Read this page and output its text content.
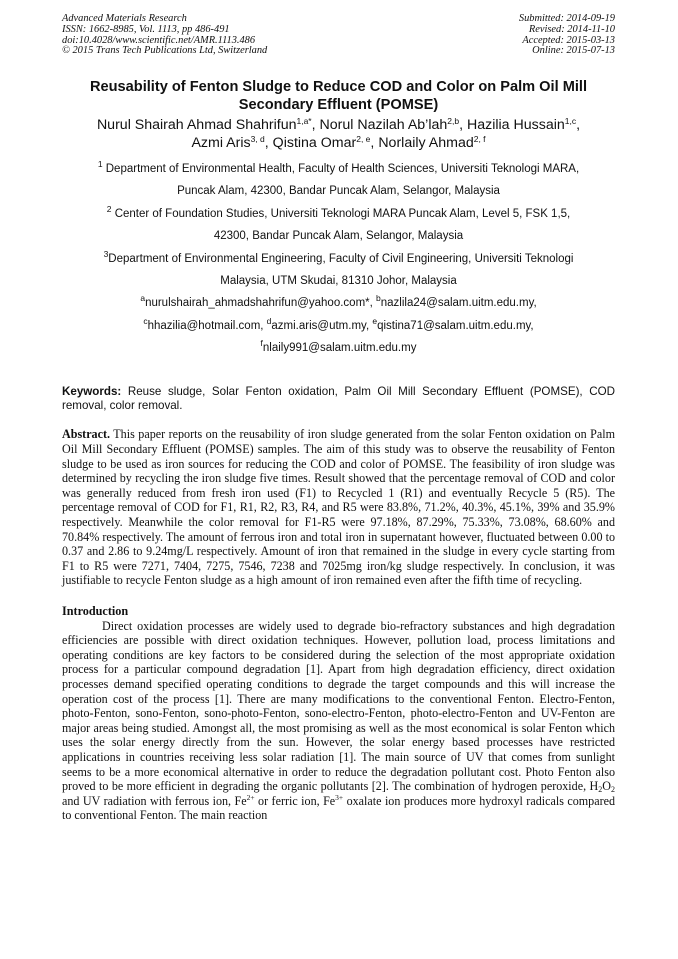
Advanced Materials Research
ISSN: 1662-8985, Vol. 1113, pp 486-491
doi:10.4028/www.scientific.net/AMR.1113.486
© 2015 Trans Tech Publications Ltd, Switzerland
Submitted: 2014-09-19
Revised: 2014-11-10
Accepted: 2015-03-13
Online: 2015-07-13
Reusability of Fenton Sludge to Reduce COD and Color on Palm Oil Mill
Secondary Effluent (POMSE)
Nurul Shairah Ahmad Shahrifun$^{1,a*}$, Norul Nazilah Ab’lah$^{2,b}$, Hazilia Hussain$^{1,c}$,
Azmi Aris$^{3, d}$, Qistina Omar$^{2, e}$, Norlaily Ahmad$^{2, f}$
$^1$ Department of Environmental Health, Faculty of Health Sciences, Universiti Teknologi MARA,
Puncak Alam, 42300, Bandar Puncak Alam, Selangor, Malaysia
$^2$ Center of Foundation Studies, Universiti Teknologi MARA Puncak Alam, Level 5, FSK 1,5,
42300, Bandar Puncak Alam, Selangor, Malaysia
$^3$Department of Environmental Engineering, Faculty of Civil Engineering, Universiti Teknologi
Malaysia, UTM Skudai, 81310 Johor, Malaysia
$^a$nurulshairah_ahmadshahrifun@yahoo.com*, $^b$nazlila24@salam.uitm.edu.my,
$^c$hhazilia@hotmail.com, $^d$azmi.aris@utm.my, $^e$qistina71@salam.uitm.edu.my,
$^f$nlaily991@salam.uitm.edu.my

Keywords: Reuse sludge, Solar Fenton oxidation, Palm Oil Mill Secondary Effluent (POMSE), COD removal, color removal.

Abstract. This paper reports on the reusability of iron sludge generated from the solar Fenton oxidation on Palm Oil Mill Secondary Effluent (POMSE) samples. The aim of this study was to observe the reusability of Fenton sludge to be used as iron sources for reducing the COD and color of POMSE. The feasibility of iron sludge was determined by recycling the iron sludge five times. Result showed that the percentage removal of COD and color was generally reduced from fresh iron used (F1) to Recycled 1 (R1) and eventually Recycle 5 (R5). The percentage removal of COD for F1, R1, R2, R3, R4, and R5 were 83.8%, 71.2%, 40.3%, 45.1%, 39% and 35.9% respectively. Meanwhile the color removal for F1-R5 were 97.18%, 87.29%, 75.33%, 73.08%, 68.60% and 70.84% respectively. The amount of ferrous iron and total iron in supernatant however, fluctuated between 0.00 to 0.37 and 2.86 to 9.24mg/L respectively. Amount of iron that remained in the sludge in every cycle starting from F1 to R5 were 7271, 7404, 7275, 7546, 7238 and 7025mg iron/kg sludge respectively. In conclusion, it was justifiable to recycle Fenton sludge as a high amount of iron remained even after the fifth time of recycling.

Introduction

Direct oxidation processes are widely used to degrade bio-refractory substances and high degradation efficiencies are possible with direct oxidation techniques. However, pollution load, process limitations and operating conditions are key factors to be considered during the selection of the most appropriate oxidation process for a particular compound degradation [1]. Apart from high degradation efficiency, direct oxidation processes demand specified operating conditions to degrade the target compounds and this will increase the operation cost of the process [1]. There are many modifications to the conventional Fenton. Electro-Fenton, photo-Fenton, sono-Fenton, sono-photo-Fenton, sono-electro-Fenton, photo-electro-Fenton and UV-Fenton are major areas being studied. Amongst all, the most promising as well as the most economical is solar Fenton which uses the solar energy directly from the sun. However, the solar energy based processes have restricted applications in countries receiving less solar radiation [1]. The main source of UV that comes from sunlight seems to be a more economical alternative in order to reduce the degradation pollutant cost. Photo Fenton also proved to be more efficient in degrading the organic pollutants [2]. The combination of hydrogen peroxide, $H_2O_2$ and UV radiation with ferrous ion, $Fe^{2+}$ or ferric ion, $Fe^{3+}$ oxalate ion produces more hydroxyl radicals compared to conventional Fenton. The main reaction
